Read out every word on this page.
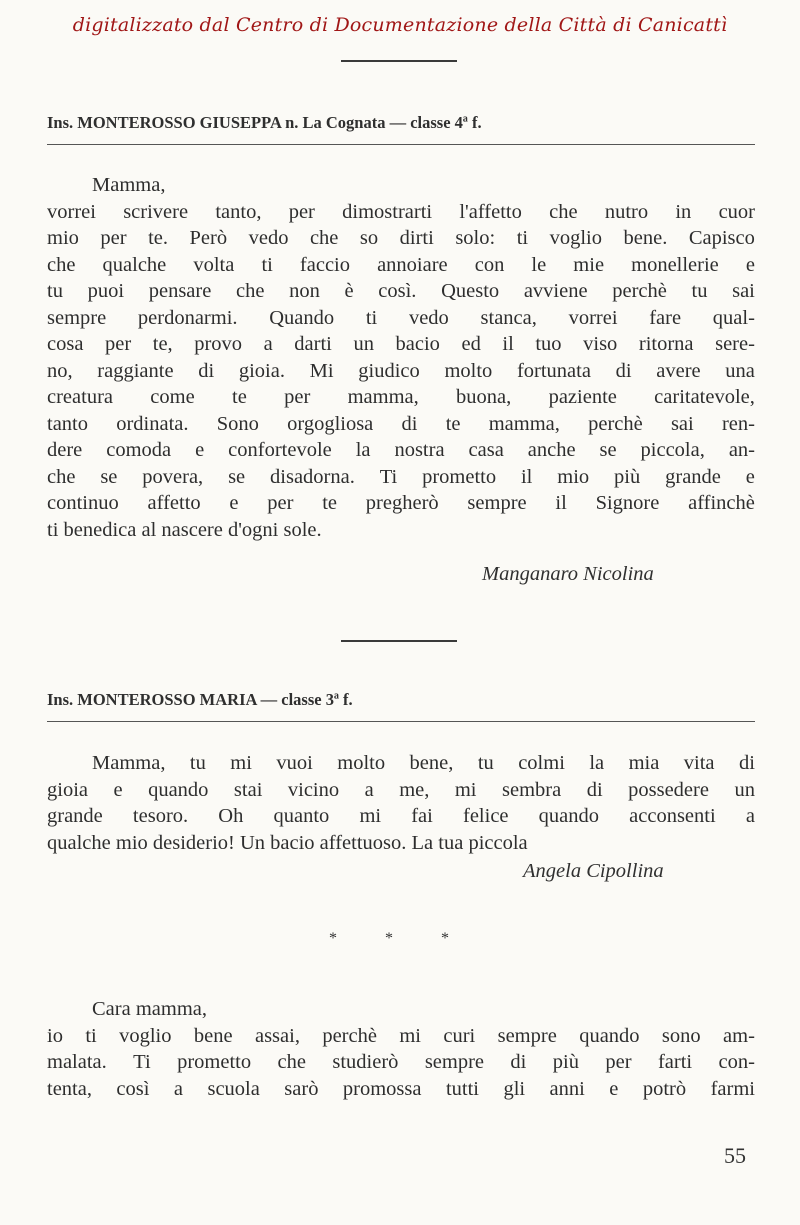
digitalizzato dal Centro di Documentazione della Città di Canicattì
Ins. MONTEROSSO GIUSEPPA n. La Cognata — classe 4ª f.
Mamma,
vorrei scrivere tanto, per dimostrarti l'affetto che nutro in cuor
mio per te. Però vedo che so dirti solo: ti voglio bene. Capisco
che qualche volta ti faccio annoiare con le mie monellerie e
tu puoi pensare che non è così. Questo avviene perchè tu sai
sempre perdonarmi. Quando ti vedo stanca, vorrei fare qual-
cosa per te, provo a darti un bacio ed il tuo viso ritorna sere-
no, raggiante di gioia. Mi giudico molto fortunata di avere una
creatura come te per mamma, buona, paziente caritatevole,
tanto ordinata. Sono orgogliosa di te mamma, perchè sai ren-
dere comoda e confortevole la nostra casa anche se piccola, an-
che se povera, se disadorna. Ti prometto il mio più grande e
continuo affetto e per te pregherò sempre il Signore affinchè
ti benedica al nascere d'ogni sole.
Manganaro Nicolina
Ins. MONTEROSSO MARIA — classe 3ª f.
Mamma, tu mi vuoi molto bene, tu colmi la mia vita di
gioia e quando stai vicino a me, mi sembra di possedere un
grande tesoro. Oh quanto mi fai felice quando acconsenti a
qualche mio desiderio! Un bacio affettuoso. La tua piccola
Angela Cipollina
* * *
Cara mamma,
io ti voglio bene assai, perchè mi curi sempre quando sono am-
malata. Ti prometto che studierò sempre di più per farti con-
tenta, così a scuola sarò promossa tutti gli anni e potrò farmi
55
